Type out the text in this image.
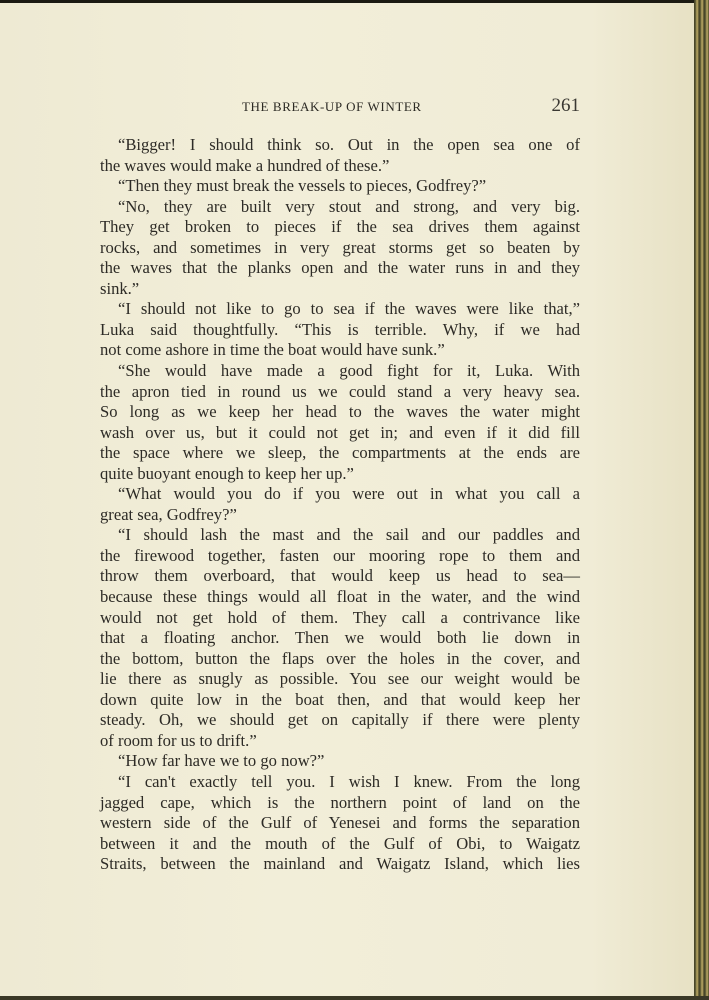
THE BREAK-UP OF WINTER	261
“Bigger! I should think so. Out in the open sea one of
the waves would make a hundred of these.”
“Then they must break the vessels to pieces, Godfrey?”
“No, they are built very stout and strong, and very big.
They get broken to pieces if the sea drives them against
rocks, and sometimes in very great storms get so beaten by
the waves that the planks open and the water runs in and they
sink.”
“I should not like to go to sea if the waves were like that,”
Luka said thoughtfully. “This is terrible. Why, if we had
not come ashore in time the boat would have sunk.”
“She would have made a good fight for it, Luka. With
the apron tied in round us we could stand a very heavy sea.
So long as we keep her head to the waves the water might
wash over us, but it could not get in; and even if it did fill
the space where we sleep, the compartments at the ends are
quite buoyant enough to keep her up.”
“What would you do if you were out in what you call a
great sea, Godfrey?”
“I should lash the mast and the sail and our paddles and
the firewood together, fasten our mooring rope to them and
throw them overboard, that would keep us head to sea—
because these things would all float in the water, and the wind
would not get hold of them. They call a contrivance like
that a floating anchor. Then we would both lie down in
the bottom, button the flaps over the holes in the cover, and
lie there as snugly as possible. You see our weight would be
down quite low in the boat then, and that would keep her
steady. Oh, we should get on capitally if there were plenty
of room for us to drift.”
“How far have we to go now?”
“I can't exactly tell you. I wish I knew. From the long
jagged cape, which is the northern point of land on the
western side of the Gulf of Yenesei and forms the separation
between it and the mouth of the Gulf of Obi, to Waigatz
Straits, between the mainland and Waigatz Island, which lies
